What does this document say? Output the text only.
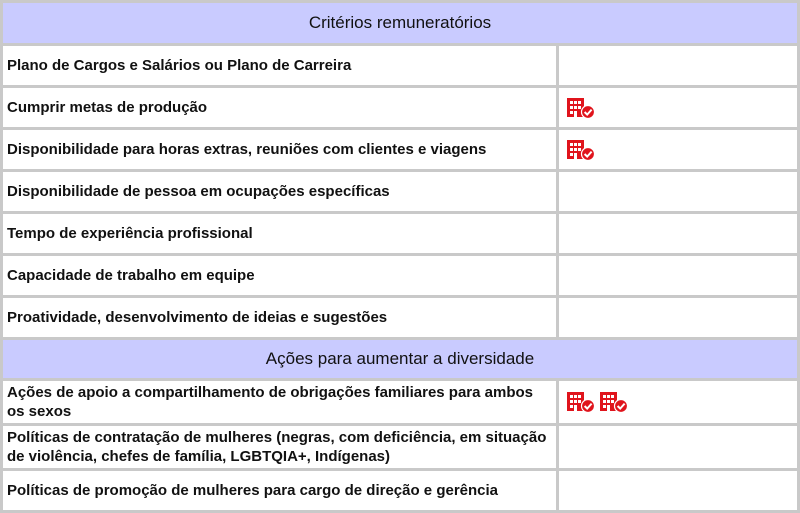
Critérios remuneratórios
Plano de Cargos e Salários ou Plano de Carreira
Cumprir metas de produção
Disponibilidade para horas extras, reuniões com clientes e viagens
Disponibilidade de pessoa em ocupações específicas
Tempo de experiência profissional
Capacidade de trabalho em equipe
Proatividade, desenvolvimento de ideias e sugestões
Ações para aumentar a diversidade
Ações de apoio a compartilhamento de obrigações familiares para ambos os sexos
Políticas de contratação de mulheres (negras, com deficiência, em situação de violência, chefes de família, LGBTQIA+, Indígenas)
Políticas de promoção de mulheres para cargo de direção e gerência
